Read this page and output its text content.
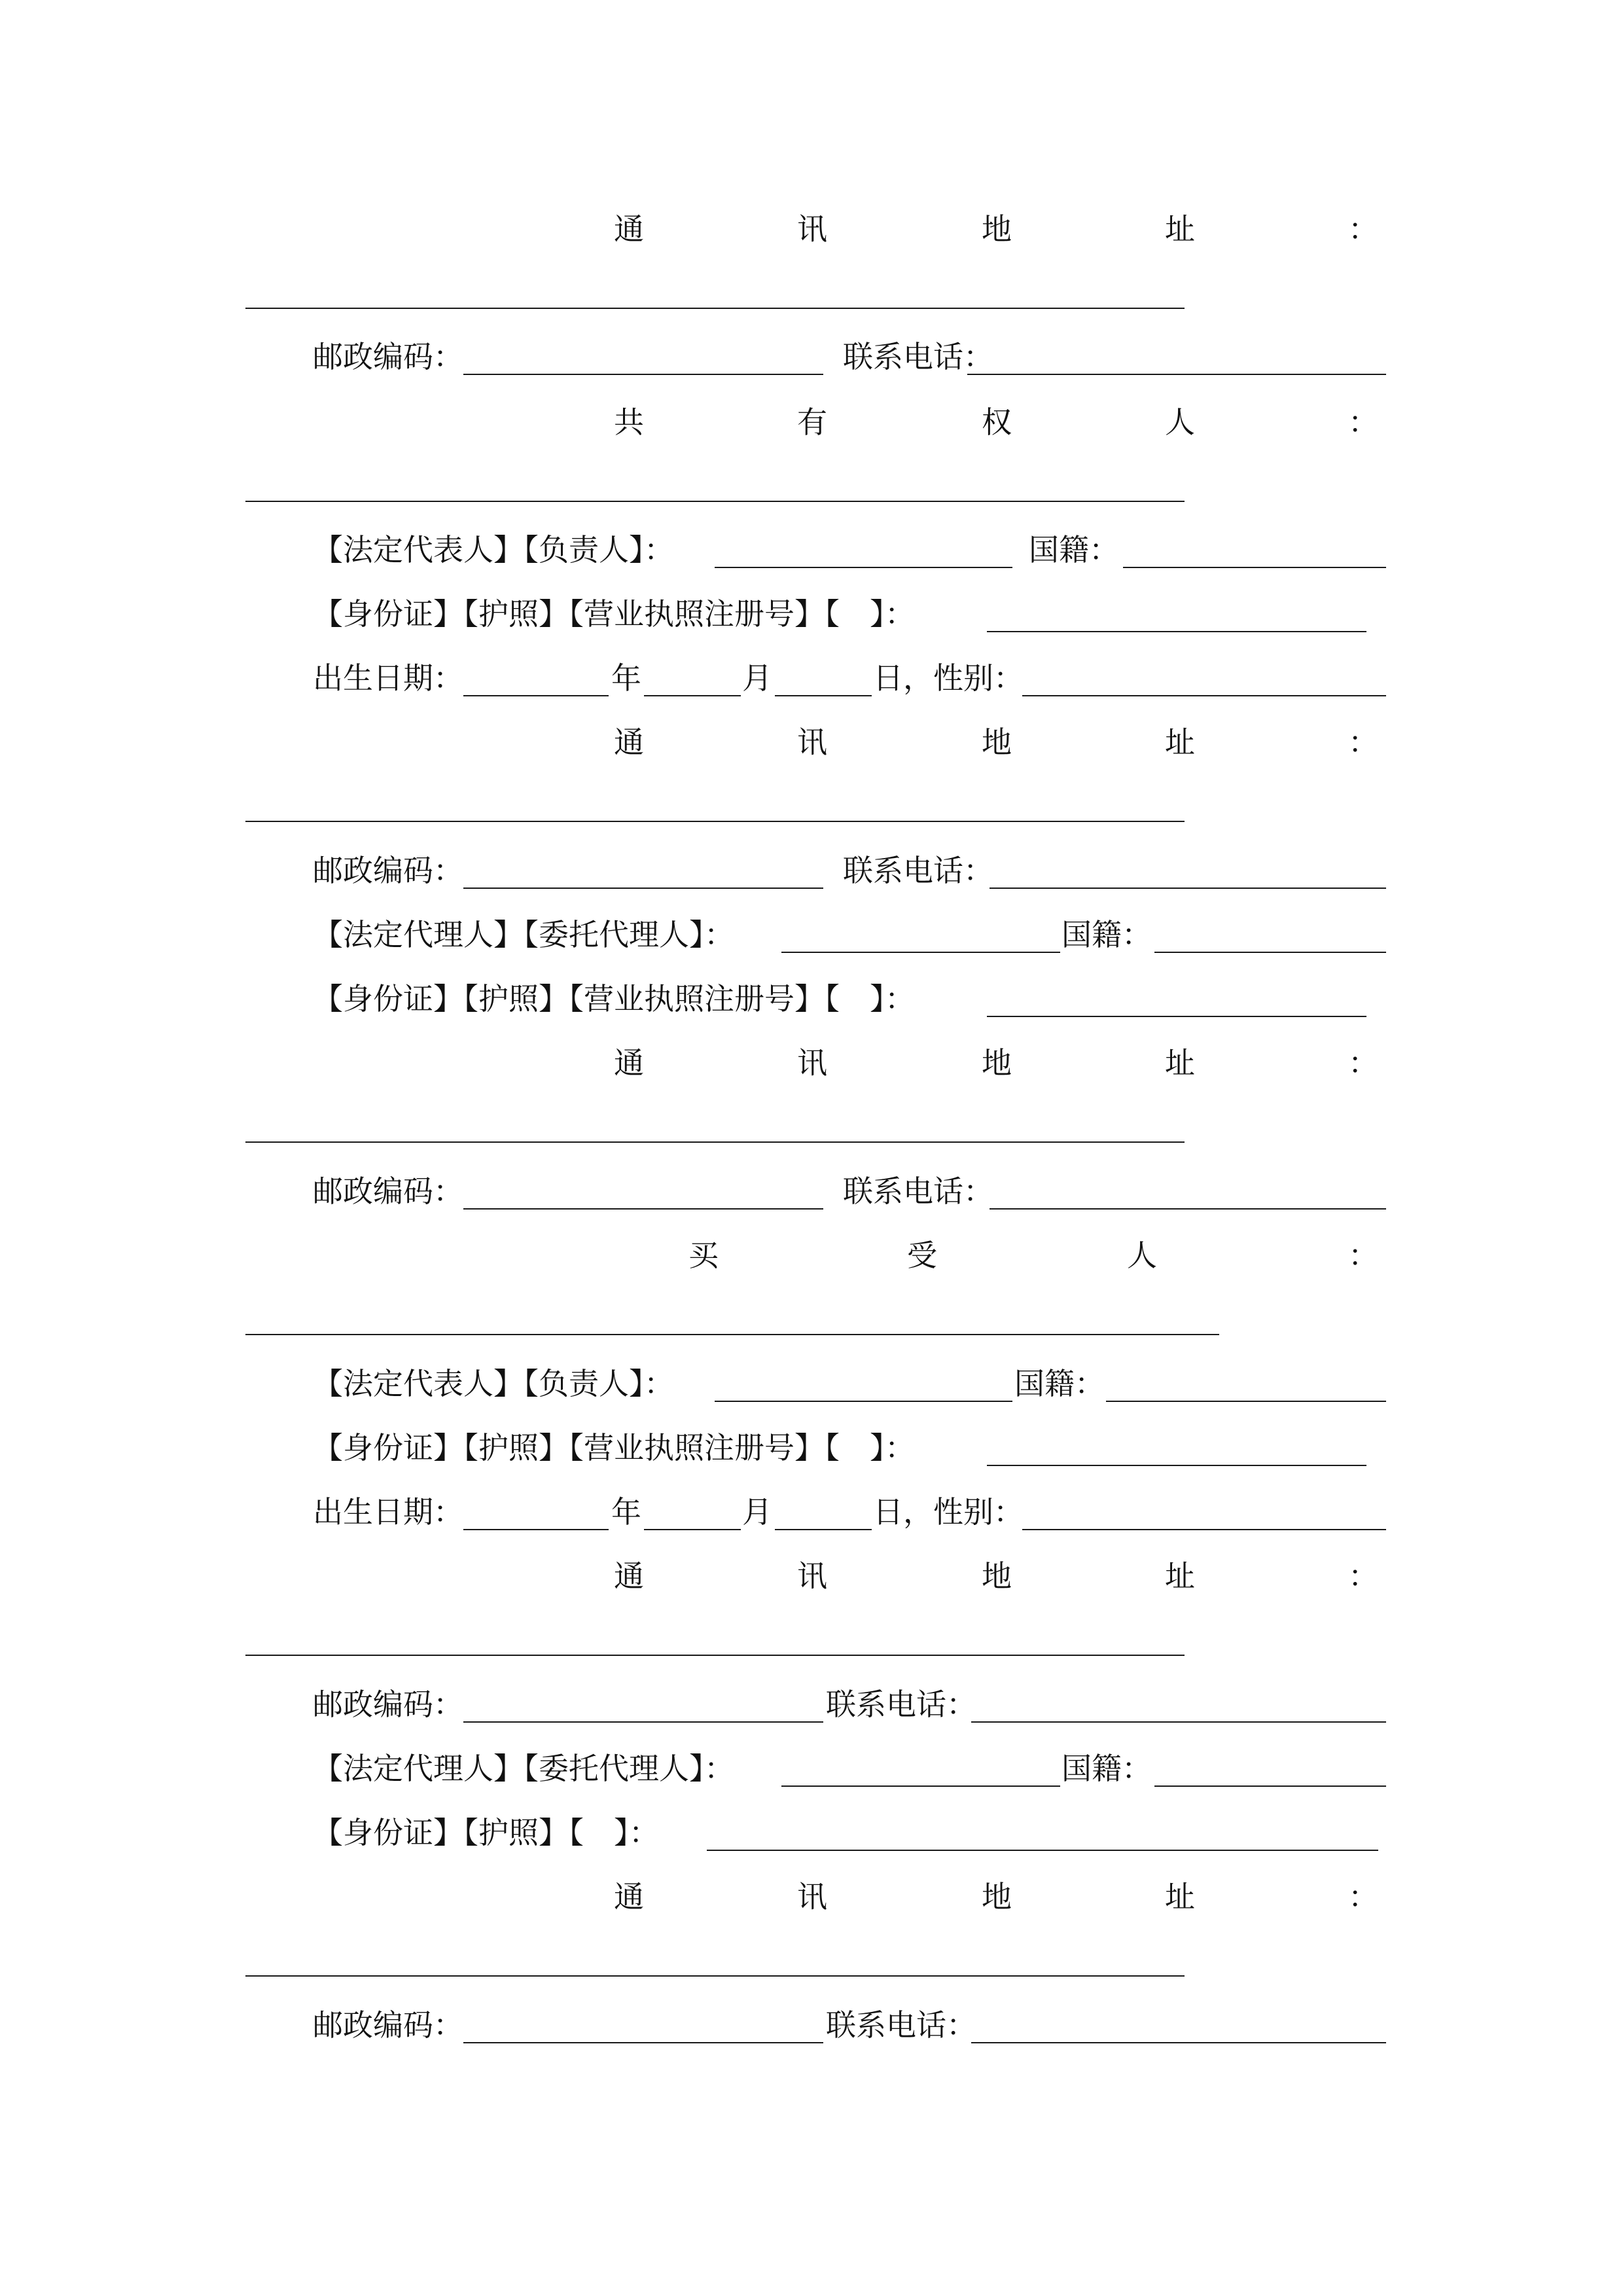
通	讯	地	址	：
邮政编码：	联系电话：
共	有	权	人	：
【法定代表人】【负责人】：	国籍：
【身份证】【护照】【营业执照注册号】【　】：
出生日期：	年	月	日，性别：
通	讯	地	址	：
邮政编码：	联系电话：
【法定代理人】【委托代理人】：	国籍：
【身份证】【护照】【营业执照注册号】【　】：
通	讯	地	址	：
邮政编码：	联系电话：
买	受	人	：
【法定代表人】【负责人】：	国籍：
【身份证】【护照】【营业执照注册号】【　】：
出生日期：	年	月	日，性别：
通	讯	地	址	：
邮政编码：	联系电话：
【法定代理人】【委托代理人】：	国籍：
【身份证】【护照】【　】：
通	讯	地	址	：
邮政编码：	联系电话：
